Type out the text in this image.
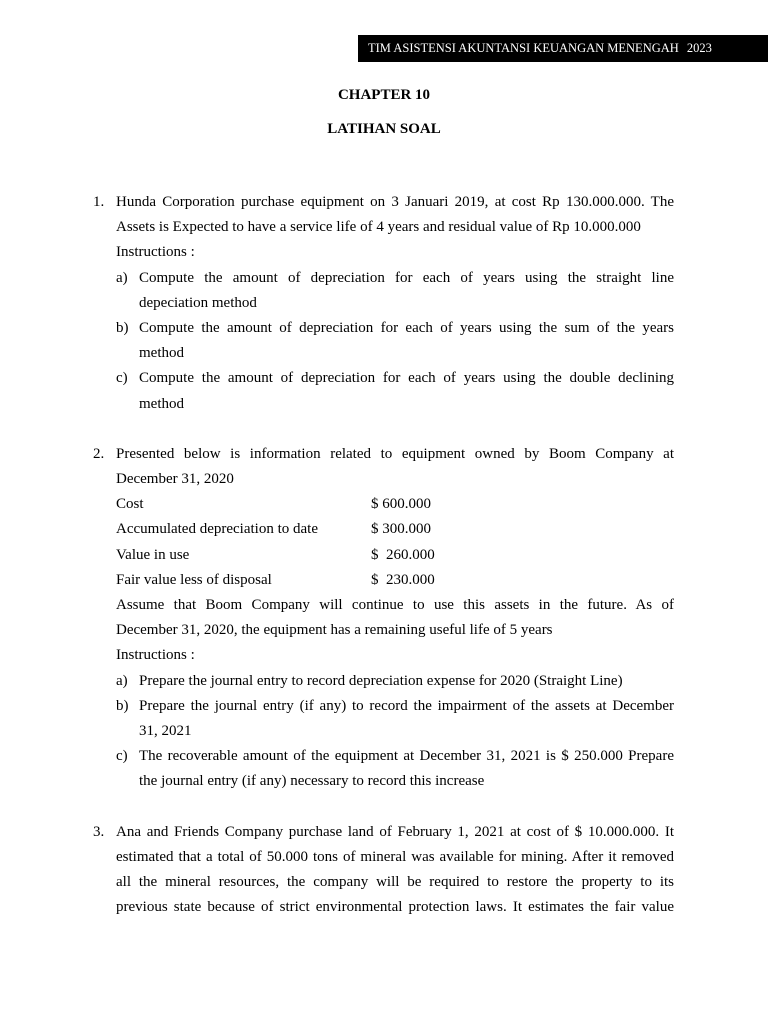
TIM ASISTENSI AKUNTANSI KEUANGAN MENENGAH 2023
CHAPTER 10
LATIHAN SOAL
1. Hunda Corporation purchase equipment on 3 Januari 2019, at cost Rp 130.000.000. The
Assets is Expected to have a service life of 4 years and residual value of Rp 10.000.000
Instructions :
a) Compute the amount of depreciation for each of years using the straight line
depeciation method
b) Compute the amount of depreciation for each of years using the sum of the years
method
c) Compute the amount of depreciation for each of years using the double declining
method
2. Presented below is information related to equipment owned by Boom Company at
December 31, 2020
Cost	$ 600.000
Accumulated depreciation to date	$ 300.000
Value in use	$  260.000
Fair value less of disposal	$  230.000
Assume that Boom Company will continue to use this assets in the future. As of
December 31, 2020, the equipment has a remaining useful life of 5 years
Instructions :
a) Prepare the journal entry to record depreciation expense for 2020 (Straight Line)
b) Prepare the journal entry (if any) to record the impairment of the assets at December
31, 2021
c) The recoverable amount of the equipment at December 31, 2021 is $ 250.000 Prepare
the journal entry (if any) necessary to record this increase
3. Ana and Friends Company purchase land of February 1, 2021 at cost of $ 10.000.000. It
estimated that a total of 50.000 tons of mineral was available for mining. After it removed
all the mineral resources, the company will be required to restore the property to its
previous state because of strict environmental protection laws. It estimates the fair value
